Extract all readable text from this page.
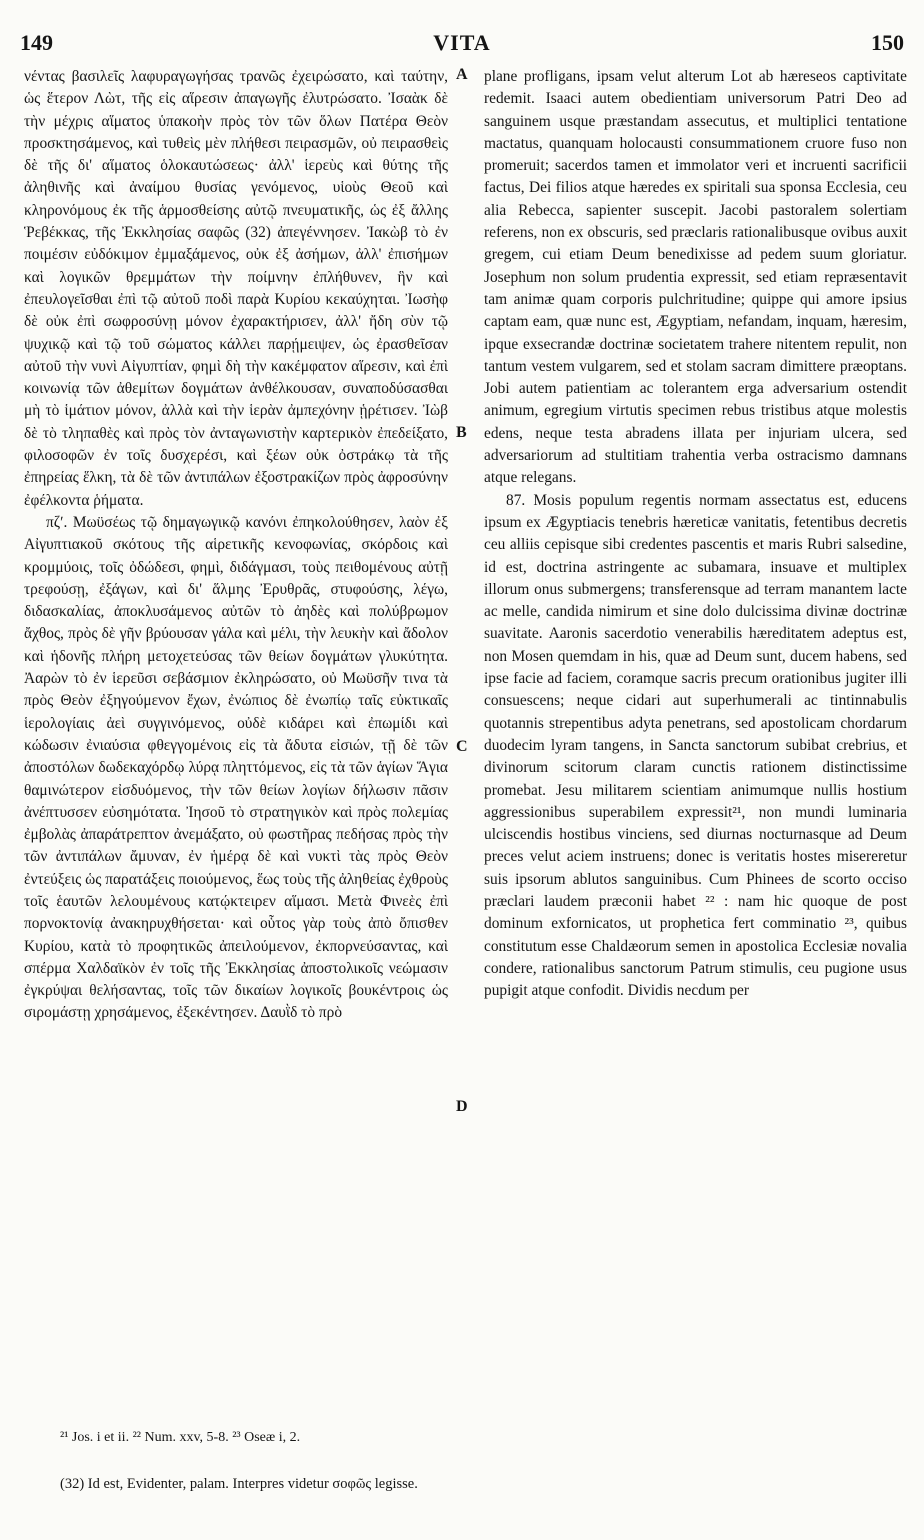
149	VITA	150

νέντας βασιλεῖς λαφυραγωγήσας τρανῶς ἐχειρώσατο, καὶ ταύτην, ὡς ἕτερον Λὼτ, τῆς εἰς αἵρεσιν ἀπαγωγῆς ἐλυτρώσατο. Ἰσαὰκ δὲ τὴν μέχρις αἵματος ὑπακοὴν πρὸς τὸν τῶν ὅλων Πατέρα Θεὸν προσκτησάμενος, καὶ τυθεὶς μὲν πλήθεσι πειρασμῶν, οὐ πειρασθεὶς δὲ τῆς δι' αἵματος ὁλοκαυτώσεως· ἀλλ' ἱερεὺς καὶ θύτης τῆς ἀληθινῆς καὶ ἀναίμου θυσίας γενόμενος, υἱοὺς Θεοῦ καὶ κληρονόμους ἐκ τῆς ἁρμοσθείσης αὐτῷ πνευματικῆς, ὡς ἐξ ἄλλης Ῥεβέκκας, τῆς Ἐκκλησίας σαφῶς (32) ἀπεγέννησεν. Ἰακὼβ τὸ ἐν ποιμέσιν εὐδόκιμον ἐμμαξάμενος, οὐκ ἐξ ἀσήμων, ἀλλ' ἐπισήμων καὶ λογικῶν θρεμμάτων τὴν ποίμνην ἐπλήθυνεν, ἣν καὶ ἐπευλογεῖσθαι ἐπὶ τῷ αὐτοῦ ποδὶ παρὰ Κυρίου κεκαύχηται. Ἰωσὴφ δὲ οὐκ ἐπὶ σωφροσύνῃ μόνον ἐχαρακτήρισεν, ἀλλ' ἤδη σὺν τῷ ψυχικῷ καὶ τῷ τοῦ σώματος κάλλει παρῄμειψεν, ὡς ἐρασθεῖσαν αὐτοῦ τὴν νυνὶ Αἰγυπτίαν, φημὶ δὴ τὴν κακέμφατον αἵρεσιν, καὶ ἐπὶ κοινωνίᾳ τῶν ἀθεμίτων δογμάτων ἀνθέλκουσαν, συναποδύσασθαι μὴ τὸ ἱμάτιον μόνον, ἀλλὰ καὶ τὴν ἱερὰν ἀμπεχόνην ᾑρέτισεν. Ἰὼβ δὲ τὸ τληπαθὲς καὶ πρὸς τὸν ἀνταγωνιστὴν καρτερικὸν ἐπεδείξατο, φιλοσοφῶν ἐν τοῖς δυσχερέσι, καὶ ξέων οὐκ ὀστράκῳ τὰ τῆς ἐπηρείας ἕλκη, τὰ δὲ τῶν ἀντιπάλων ἐξοστρακίζων πρὸς ἀφροσύνην ἐφέλκοντα ῥήματα.

πζʹ. Μωϋσέως τῷ δημαγωγικῷ κανόνι ἐπηκολούθησεν, λαὸν ἐξ Αἰγυπτιακοῦ σκότους τῆς αἱρετικῆς κενοφωνίας, σκόρδοις καὶ κρομμύοις, τοῖς ὀδώδεσι, φημὶ, διδάγμασι, τοὺς πειθομένους αὐτῇ τρεφούσῃ, ἐξάγων, καὶ δι' ἅλμης Ἐρυθρᾶς, στυφούσης, λέγω, διδασκαλίας, ἀποκλυσάμενος αὐτῶν τὸ ἀηδὲς καὶ πολύβρωμον ἄχθος, πρὸς δὲ γῆν βρύουσαν γάλα καὶ μέλι, τὴν λευκὴν καὶ ἄδολον καὶ ἡδονῆς πλήρη μετοχετεύσας τῶν θείων δογμάτων γλυκύτητα. Ἀαρὼν τὸ ἐν ἱερεῦσι σεβάσμιον ἐκληρώσατο, οὐ Μωϋσῆν τινα τὰ πρὸς Θεὸν ἐξηγούμενον ἔχων, ἐνώπιος δὲ ἐνωπίῳ ταῖς εὐκτικαῖς ἱερολογίαις ἀεὶ συγγινόμενος, οὐδὲ κιδάρει καὶ ἐπωμίδι καὶ κώδωσιν ἐνιαύσια φθεγγομένοις εἰς τὰ ἄδυτα εἰσιών, τῇ δὲ τῶν ἀποστόλων δωδεκαχόρδῳ λύρᾳ πληττόμενος, εἰς τὰ τῶν ἁγίων Ἅγια θαμινώτερον εἰσδυόμενος, τὴν τῶν θείων λογίων δήλωσιν πᾶσιν ἀνέπτυσσεν εὐσημότατα. Ἰησοῦ τὸ στρατηγικὸν καὶ πρὸς πολεμίας ἐμβολὰς ἀπαράτρεπτον ἀνεμάξατο, οὐ φωστῆρας πεδήσας πρὸς τὴν τῶν ἀντιπάλων ἄμυναν, ἐν ἡμέρᾳ δὲ καὶ νυκτὶ τὰς πρὸς Θεὸν ἐντεύξεις ὡς παρατάξεις ποιούμενος, ἕως τοὺς τῆς ἀληθείας ἐχθροὺς τοῖς ἑαυτῶν λελουμένους κατῴκτειρεν αἵμασι. Μετὰ Φινεὲς ἐπὶ πορνοκτονίᾳ ἀνακηρυχθήσεται· καὶ οὗτος γὰρ τοὺς ἀπὸ ὄπισθεν Κυρίου, κατὰ τὸ προφητικῶς ἀπειλούμενον, ἐκπορνεύσαντας, καὶ σπέρμα Χαλδαϊκὸν ἐν τοῖς τῆς Ἐκκλησίας ἀποστολικοῖς νεώμασιν ἐγκρύψαι θελήσαντας, τοῖς τῶν δικαίων λογικοῖς βουκέντροις ὡς σιρομάστῃ χρησάμενος, ἐξεκέντησεν. Δαυῒδ τὸ πρὸ

A
B
C
D

plane profligans, ipsam velut alterum Lot ab hæreseos captivitate redemit. Isaaci autem obedientiam universorum Patri Deo ad sanguinem usque præstandam assecutus, et multiplici tentatione mactatus, quanquam holocausti consummationem cruore fuso non promeruit; sacerdos tamen et immolator veri et incruenti sacrificii factus, Dei filios atque hæredes ex spiritali sua sponsa Ecclesia, ceu alia Rebecca, sapienter suscepit. Jacobi pastoralem solertiam referens, non ex obscuris, sed præclaris rationalibusque ovibus auxit gregem, cui etiam Deum benedixisse ad pedem suum gloriatur. Josephum non solum prudentia expressit, sed etiam repræsentavit tam animæ quam corporis pulchritudine; quippe qui amore ipsius captam eam, quæ nunc est, Ægyptiam, nefandam, inquam, hæresim, ipque exsecrandæ doctrinæ societatem trahere nitentem repulit, non tantum vestem vulgarem, sed et stolam sacram dimittere præoptans. Jobi autem patientiam ac tolerantem erga adversarium ostendit animum, egregium virtutis specimen rebus tristibus atque molestis edens, neque testa abradens illata per injuriam ulcera, sed adversariorum ad stultitiam trahentia verba ostracismo damnans atque relegans.

87. Mosis populum regentis normam assectatus est, educens ipsum ex Ægyptiacis tenebris hæreticæ vanitatis, fetentibus decretis ceu alliis cepisque sibi credentes pascentis et maris Rubri salsedine, id est, doctrina astringente ac subamara, insuave et multiplex illorum onus submergens; transferensque ad terram manantem lacte ac melle, candida nimirum et sine dolo dulcissima divinæ doctrinæ suavitate. Aaronis sacerdotio venerabilis hæreditatem adeptus est, non Mosen quemdam in his, quæ ad Deum sunt, ducem habens, sed ipse facie ad faciem, coramque sacris precum orationibus jugiter illi consuescens; neque cidari aut superhumerali ac tintinnabulis quotannis strepentibus adyta penetrans, sed apostolicam chordarum duodecim lyram tangens, in Sancta sanctorum subibat crebrius, et divinorum scitorum claram cunctis rationem distinctissime promebat. Jesu militarem scientiam animumque nullis hostium aggressionibus superabilem expressit²¹, non mundi luminaria ulciscendis hostibus vinciens, sed diurnas nocturnasque ad Deum preces velut aciem instruens; donec is veritatis hostes misereretur suis ipsorum ablutos sanguinibus. Cum Phinees de scorto occiso præclari laudem præconii habet ²² : nam hic quoque de post dominum exfornicatos, ut prophetica fert comminatio ²³, quibus constitutum esse Chaldæorum semen in apostolica Ecclesiæ novalia condere, rationalibus sanctorum Patrum stimulis, ceu pugione usus pupigit atque confodit. Dividis necdum per

²¹ Jos. i et ii. ²² Num. xxv, 5-8. ²³ Oseæ i, 2.
(32) Id est, Evidenter, palam. Interpres videtur σοφῶς legisse.
